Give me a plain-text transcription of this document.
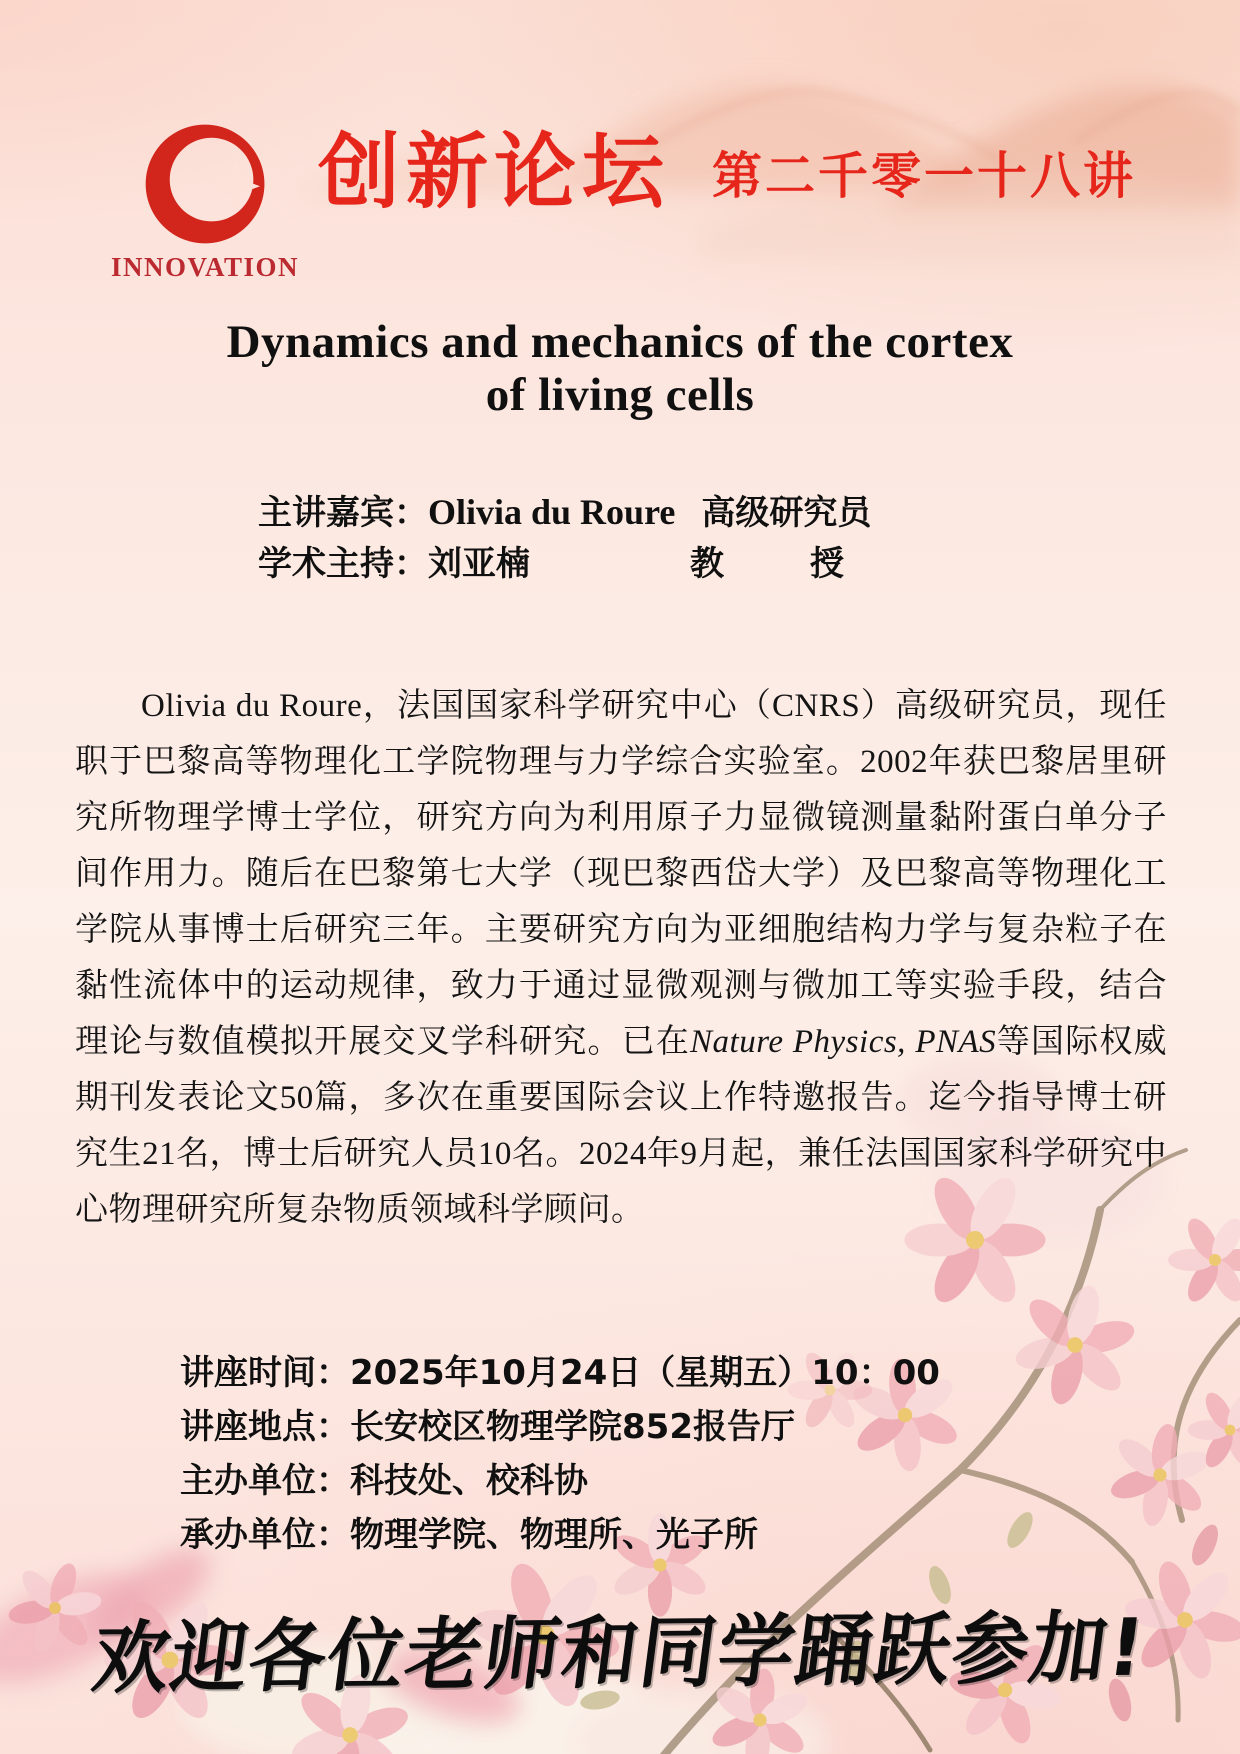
INNOVATION
创新论坛 第二千零一十八讲
Dynamics and mechanics of the cortex
of living cells
主讲嘉宾：Olivia du Roure 高级研究员
学术主持：刘亚楠	教	授

Olivia du Roure，法国国家科学研究中心（CNRS）高级研究员，现任职于巴黎高等物理化工学院物理与力学综合实验室。2002年获巴黎居里研究所物理学博士学位，研究方向为利用原子力显微镜测量黏附蛋白单分子间作用力。随后在巴黎第七大学（现巴黎西岱大学）及巴黎高等物理化工学院从事博士后研究三年。主要研究方向为亚细胞结构力学与复杂粒子在黏性流体中的运动规律，致力于通过显微观测与微加工等实验手段，结合理论与数值模拟开展交叉学科研究。已在Nature Physics, PNAS等国际权威期刊发表论文50篇，多次在重要国际会议上作特邀报告。迄今指导博士研究生21名，博士后研究人员10名。2024年9月起，兼任法国国家科学研究中心物理研究所复杂物质领域科学顾问。

讲座时间：2025年10月24日（星期五）10：00
讲座地点：长安校区物理学院852报告厅
主办单位：科技处、校科协
承办单位：物理学院、物理所、光子所
欢迎各位老师和同学踊跃参加!
